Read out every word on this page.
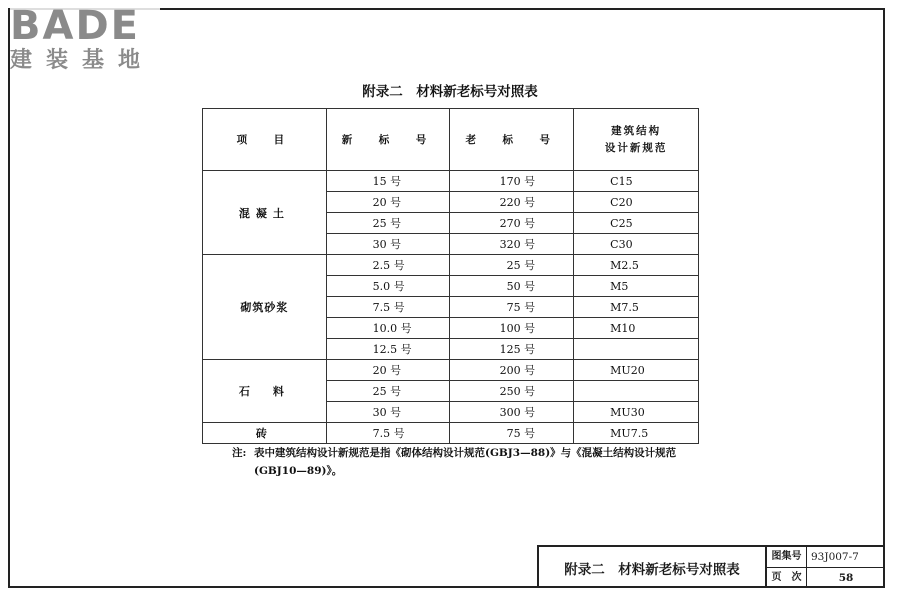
BADE
建装基地
附录二　材料新老标号对照表
项　目	新　标　号	老　标　号	建筑结构
设计新规范
混凝土	15 号	170 号	C15
	20 号	220 号	C20
	25 号	270 号	C25
	30 号	320 号	C30
砌筑砂浆	2.5 号	25 号	M2.5
	5.0 号	50 号	M5
	7.5 号	75 号	M7.5
	10.0 号	100 号	M10
	12.5 号	125 号	
石　料	20 号	200 号	MU20
	25 号	250 号	
	30 号	300 号	MU30
砖	7.5 号	75 号	MU7.5
注: 表中建筑结构设计新规范是指《砌体结构设计规范(GBJ3—88)》与《混凝土结构设计规范(GBJ10—89)》。
附录二　材料新老标号对照表
图集号 93J007-7
页　次	58
